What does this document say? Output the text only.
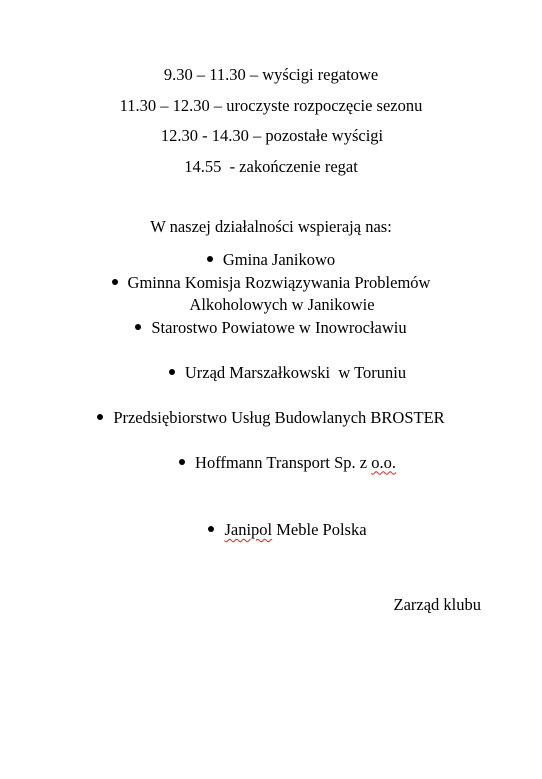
9.30 – 11.30 – wyścigi regatowe
11.30 – 12.30 – uroczyste rozpoczęcie sezonu
12.30 - 14.30 – pozostałe wyścigi
14.55  - zakończenie regat

W naszej działalności wspierają nas:

Gmina Janikowo
Gminna Komisja Rozwiązywania Problemów
Alkoholowych w Janikowie
Starostwo Powiatowe w Inowrocławiu

Urząd Marszałkowski  w Toruniu

Przedsiębiorstwo Usług Budowlanych BROSTER

Hoffmann Transport Sp. z o.o.

Janipol Meble Polska

Zarząd klubu
